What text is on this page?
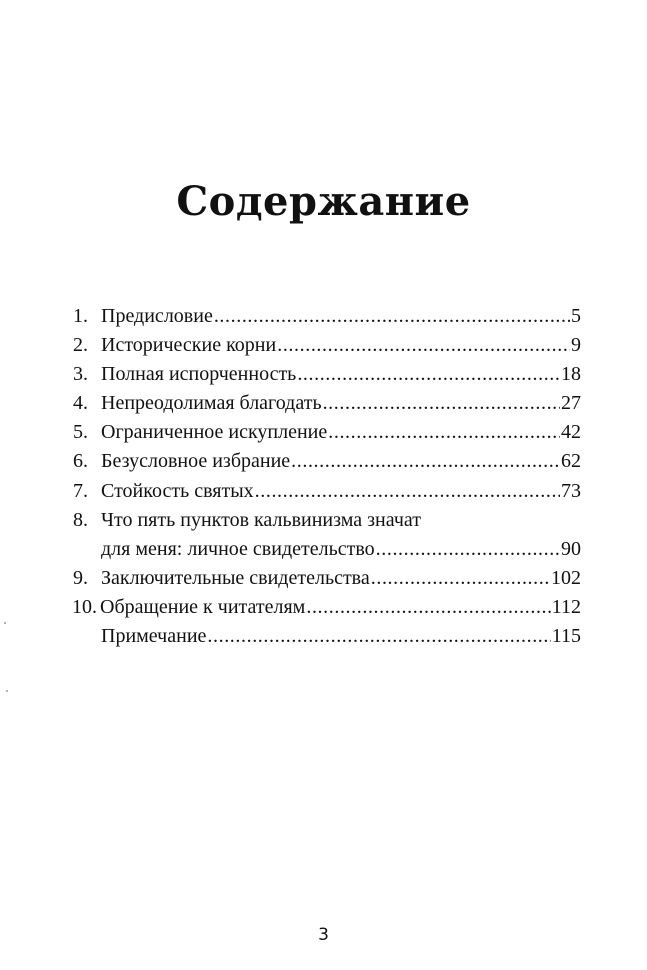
Содержание
1. Предисловие .....	5
2. Исторические корни .....	9
3. Полная испорченность .....	18
4. Непреодолимая благодать .....	27
5. Ограниченное искупление .....	42
6. Безусловное избрание .....	62
7. Стойкость святых .....	73
8. Что пять пунктов кальвинизма значат
для меня: личное свидетельство .....	90
9. Заключительные свидетельства .....	102
10. Обращение к читателям .....	112
Примечание .....	115
3
